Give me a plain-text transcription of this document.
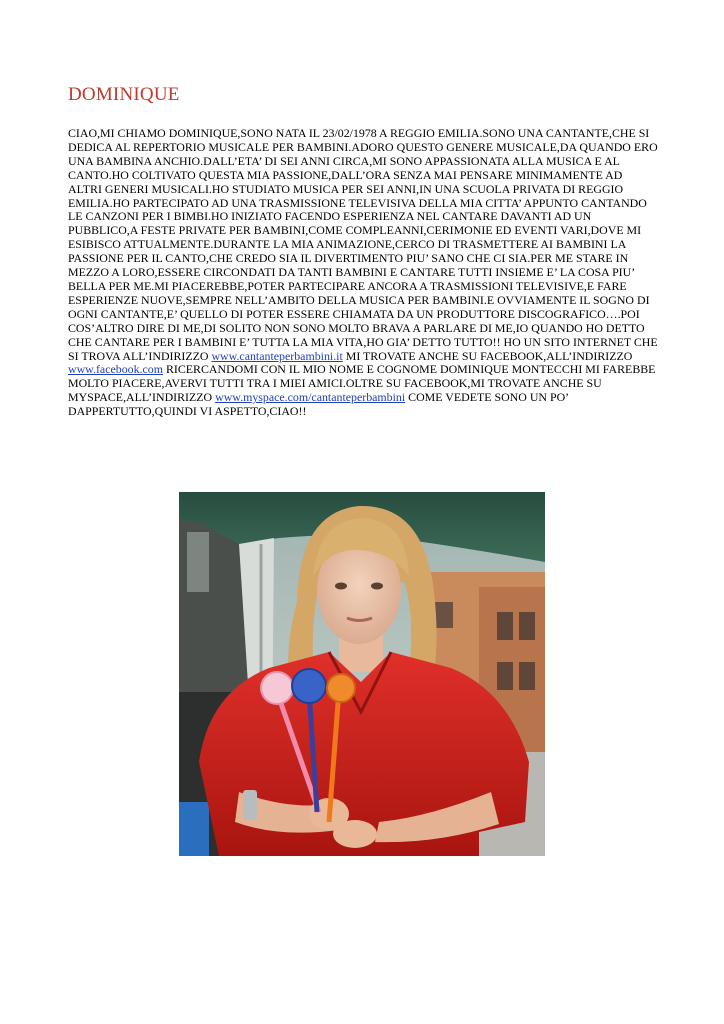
DOMINIQUE

CIAO,MI CHIAMO DOMINIQUE,SONO NATA IL 23/02/1978 A REGGIO EMILIA.SONO UNA CANTANTE,CHE SI DEDICA AL REPERTORIO MUSICALE PER BAMBINI.ADORO QUESTO GENERE MUSICALE,DA QUANDO ERO UNA BAMBINA ANCHIO.DALL’ETA’ DI SEI ANNI CIRCA,MI SONO APPASSIONATA ALLA MUSICA E AL CANTO.HO COLTIVATO QUESTA MIA PASSIONE,DALL’ORA SENZA MAI PENSARE MINIMAMENTE AD ALTRI GENERI MUSICALI.HO STUDIATO MUSICA PER SEI ANNI,IN UNA SCUOLA PRIVATA DI REGGIO EMILIA.HO PARTECIPATO AD UNA TRASMISSIONE TELEVISIVA DELLA MIA CITTA’ APPUNTO CANTANDO LE CANZONI PER I BIMBI.HO INIZIATO FACENDO ESPERIENZA NEL CANTARE DAVANTI AD UN PUBBLICO,A FESTE PRIVATE PER BAMBINI,COME COMPLEANNI,CERIMONIE ED EVENTI VARI,DOVE MI ESIBISCO ATTUALMENTE.DURANTE LA MIA ANIMAZIONE,CERCO DI TRASMETTERE AI BAMBINI LA PASSIONE PER IL CANTO,CHE CREDO SIA IL DIVERTIMENTO PIU’ SANO CHE CI SIA.PER ME STARE IN MEZZO A LORO,ESSERE CIRCONDATI DA TANTI BAMBINI E CANTARE TUTTI INSIEME E’ LA COSA PIU’ BELLA PER ME.MI PIACEREBBE,POTER PARTECIPARE ANCORA A TRASMISSIONI TELEVISIVE,E FARE ESPERIENZE NUOVE,SEMPRE NELL’AMBITO DELLA MUSICA PER BAMBINI.E OVVIAMENTE IL SOGNO DI OGNI CANTANTE,E’ QUELLO DI POTER ESSERE CHIAMATA DA UN PRODUTTORE DISCOGRAFICO….POI COS’ALTRO DIRE DI ME,DI SOLITO NON SONO MOLTO BRAVA A PARLARE DI ME,IO QUANDO HO DETTO CHE CANTARE PER I BAMBINI E’ TUTTA LA MIA VITA,HO GIA’ DETTO TUTTO!! HO UN SITO INTERNET CHE SI TROVA ALL’INDIRIZZO www.cantanteperbambini.it MI TROVATE ANCHE SU FACEBOOK,ALL’INDIRIZZO www.facebook.com RICERCANDOMI CON IL MIO NOME E COGNOME DOMINIQUE MONTECCHI MI FAREBBE MOLTO PIACERE,AVERVI TUTTI TRA I MIEI AMICI.OLTRE SU FACEBOOK,MI TROVATE ANCHE SU MYSPACE,ALL’INDIRIZZO www.myspace.com/cantanteperbambini COME VEDETE SONO UN PO’ DAPPERTUTTO,QUINDI VI ASPETTO,CIAO!!
